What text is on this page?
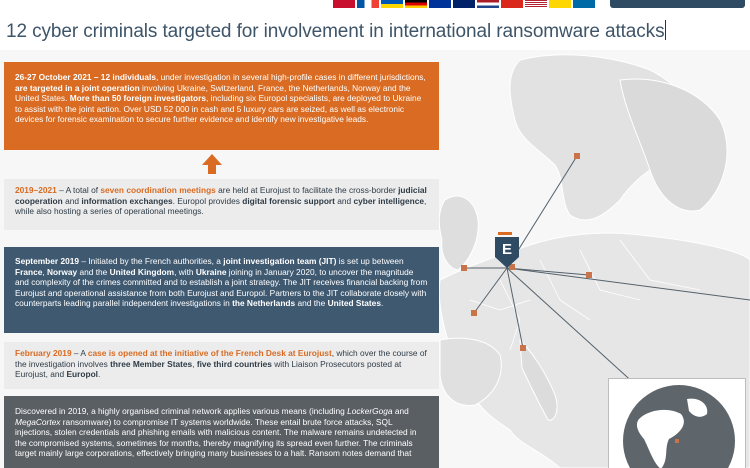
12 cyber criminals targeted for involvement in international ransomware attacks
26-27 October 2021 – 12 individuals, under investigation in several high-profile cases in different jurisdictions, are targeted in a joint operation involving Ukraine, Switzerland, France, the Netherlands, Norway and the United States. More than 50 foreign investigators, including six Europol specialists, are deployed to Ukraine to assist with the joint action. Over USD 52 000 in cash and 5 luxury cars are seized, as well as electronic devices for forensic examination to secure further evidence and identify new investigative leads.
2019–2021 – A total of seven coordination meetings are held at Eurojust to facilitate the cross-border judicial cooperation and information exchanges. Europol provides digital forensic support and cyber intelligence, while also hosting a series of operational meetings.
E
September 2019 – Initiated by the French authorities, a joint investigation team (JIT) is set up between France, Norway and the United Kingdom, with Ukraine joining in January 2020, to uncover the magnitude and complexity of the crimes committed and to establish a joint strategy. The JIT receives financial backing from Eurojust and operational assistance from both Eurojust and Europol. Partners to the JIT collaborate closely with counterparts leading parallel independent investigations in the Netherlands and the United States.
February 2019 – A case is opened at the initiative of the French Desk at Eurojust, which over the course of the investigation involves three Member States, five third countries with Liaison Prosecutors posted at Eurojust, and Europol.
Discovered in 2019, a highly organised criminal network applies various means (including LockerGoga and MegaCortex ransomware) to compromise IT systems worldwide. These entail brute force attacks, SQL injections, stolen credentials and phishing emails with malicious content. The malware remains undetected in the compromised systems, sometimes for months, thereby magnifying its spread even further. The criminals target mainly large corporations, effectively bringing many businesses to a halt. Ransom notes demand that
